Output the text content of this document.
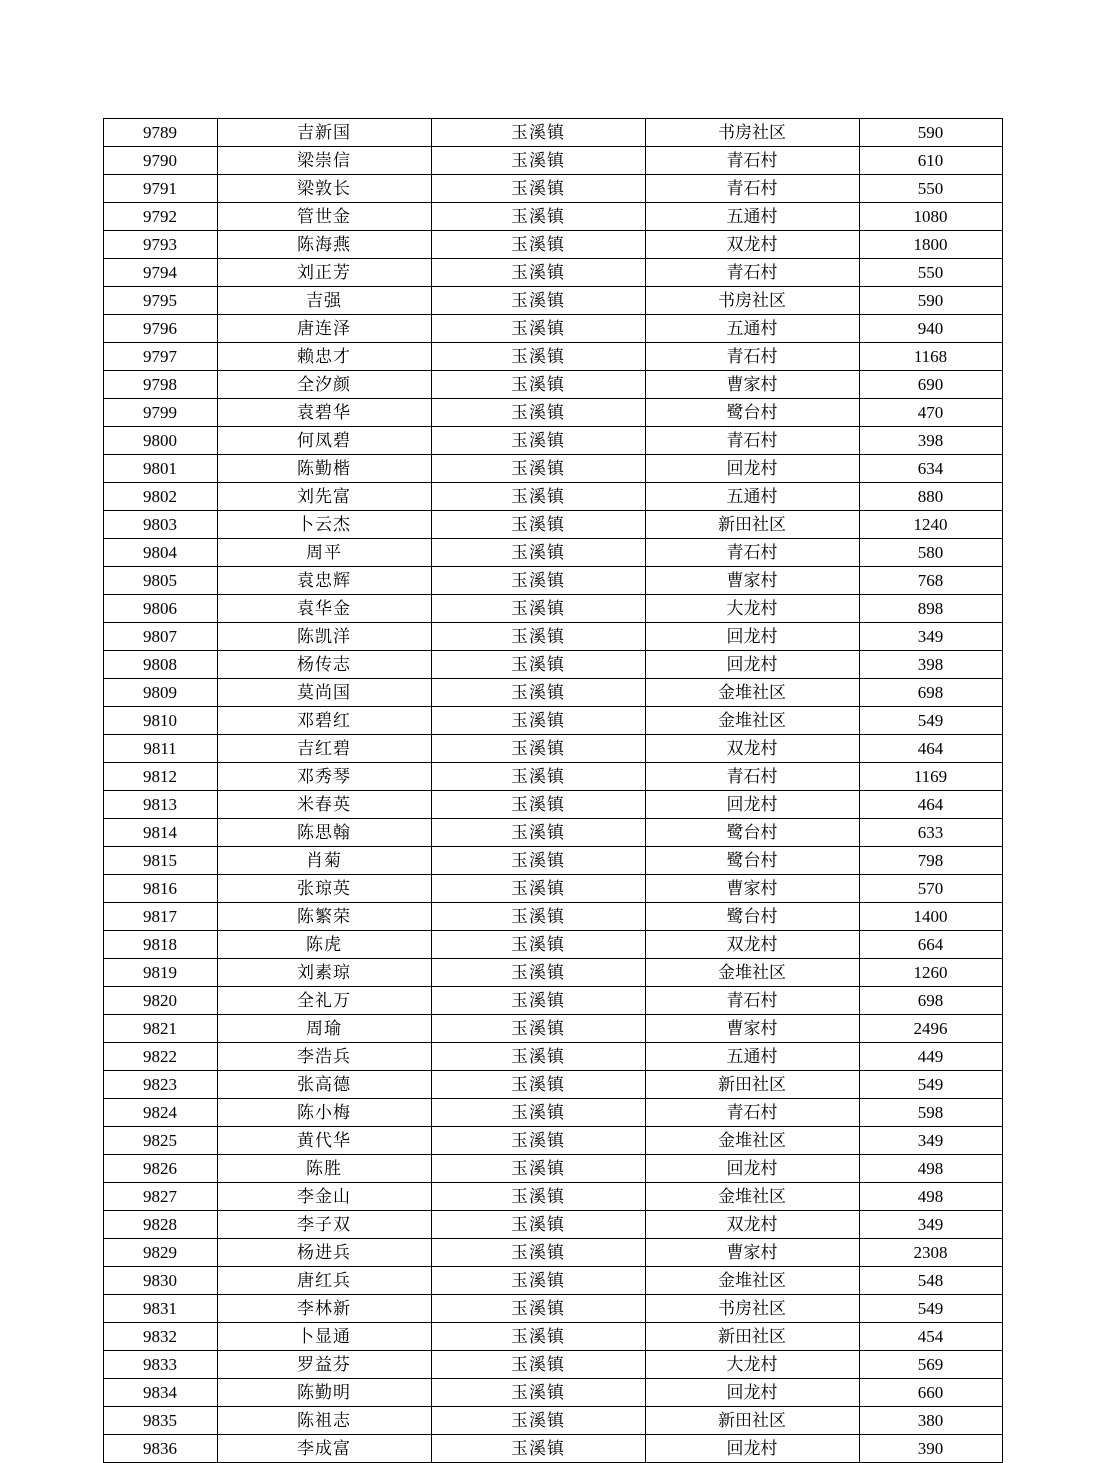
9789	吉新国	玉溪镇	书房社区	590
9790	梁崇信	玉溪镇	青石村	610
9791	梁敦长	玉溪镇	青石村	550
9792	管世金	玉溪镇	五通村	1080
9793	陈海燕	玉溪镇	双龙村	1800
9794	刘正芳	玉溪镇	青石村	550
9795	吉强	玉溪镇	书房社区	590
9796	唐连泽	玉溪镇	五通村	940
9797	赖忠才	玉溪镇	青石村	1168
9798	全汐颜	玉溪镇	曹家村	690
9799	袁碧华	玉溪镇	鹭台村	470
9800	何凤碧	玉溪镇	青石村	398
9801	陈勤楷	玉溪镇	回龙村	634
9802	刘先富	玉溪镇	五通村	880
9803	卜云杰	玉溪镇	新田社区	1240
9804	周平	玉溪镇	青石村	580
9805	袁忠辉	玉溪镇	曹家村	768
9806	袁华金	玉溪镇	大龙村	898
9807	陈凯洋	玉溪镇	回龙村	349
9808	杨传志	玉溪镇	回龙村	398
9809	莫尚国	玉溪镇	金堆社区	698
9810	邓碧红	玉溪镇	金堆社区	549
9811	吉红碧	玉溪镇	双龙村	464
9812	邓秀琴	玉溪镇	青石村	1169
9813	米春英	玉溪镇	回龙村	464
9814	陈思翰	玉溪镇	鹭台村	633
9815	肖菊	玉溪镇	鹭台村	798
9816	张琼英	玉溪镇	曹家村	570
9817	陈繁荣	玉溪镇	鹭台村	1400
9818	陈虎	玉溪镇	双龙村	664
9819	刘素琼	玉溪镇	金堆社区	1260
9820	全礼万	玉溪镇	青石村	698
9821	周瑜	玉溪镇	曹家村	2496
9822	李浩兵	玉溪镇	五通村	449
9823	张高德	玉溪镇	新田社区	549
9824	陈小梅	玉溪镇	青石村	598
9825	黄代华	玉溪镇	金堆社区	349
9826	陈胜	玉溪镇	回龙村	498
9827	李金山	玉溪镇	金堆社区	498
9828	李子双	玉溪镇	双龙村	349
9829	杨进兵	玉溪镇	曹家村	2308
9830	唐红兵	玉溪镇	金堆社区	548
9831	李林新	玉溪镇	书房社区	549
9832	卜显通	玉溪镇	新田社区	454
9833	罗益芬	玉溪镇	大龙村	569
9834	陈勤明	玉溪镇	回龙村	660
9835	陈祖志	玉溪镇	新田社区	380
9836	李成富	玉溪镇	回龙村	390
